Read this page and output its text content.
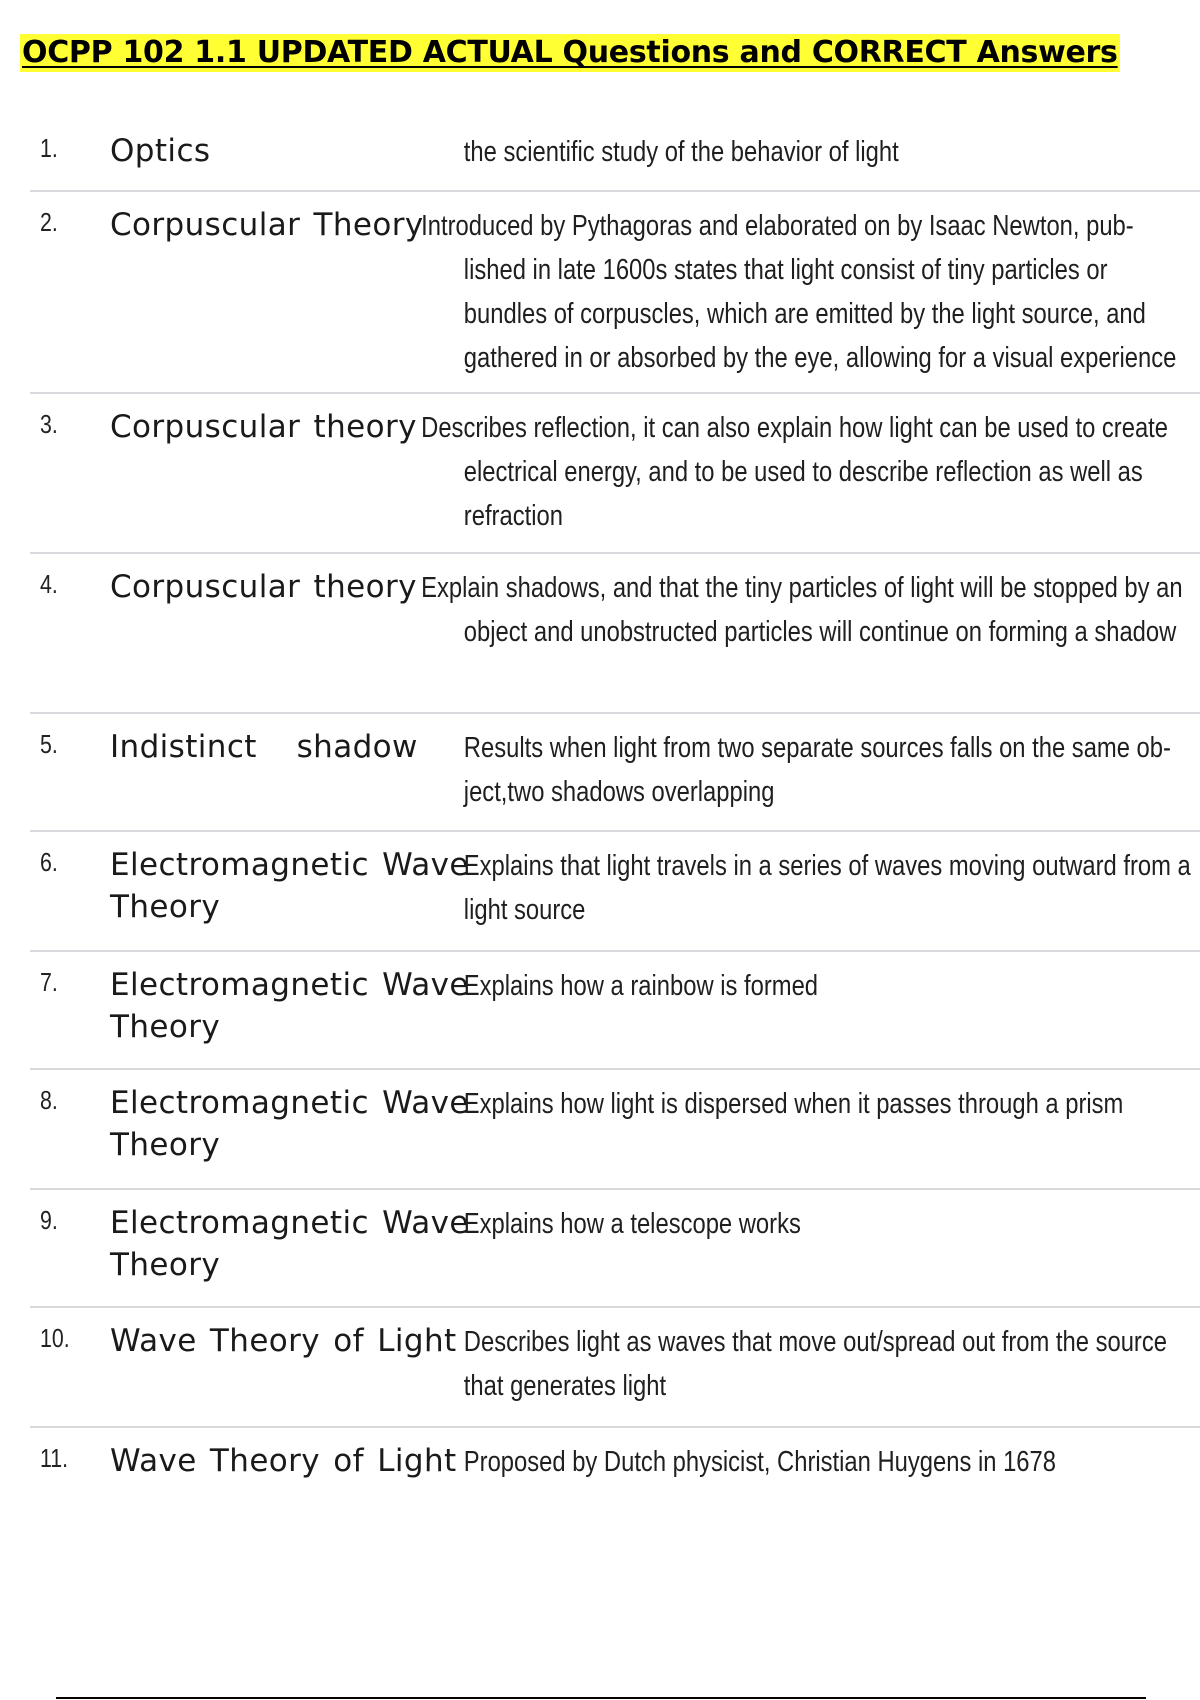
OCPP 102 1.1 UPDATED ACTUAL Questions and CORRECT Answers
1. Optics	the scientific study of the behavior of light

2. Corpuscular Theory

Introduced by Pythagoras and elaborated on by Isaac Newton, pub- lished in late 1600s states that light consist of tiny particles or bundles of corpuscles, which are emitted by the light source, and gathered in or absorbed by the eye, allowing for a visual experience

3. Corpuscular theory Describes reflection, it can also explain how light can be used to create electrical energy, and to be used to describe reflection as well as refraction

4. Corpuscular theory Explain shadows, and that the tiny particles of light will be stopped by an object and unobstructed particles will continue on forming a shadow

5. Indistinct   shadow	Results when light from two separate sources falls on the same ob- ject,two shadows overlapping

6. Electromagnetic Wave Theory

Explains that light travels in a series of waves moving outward from a light source

7. Electromagnetic Wave Theory

Explains how a rainbow is formed

8. Electromagnetic Wave Theory

Explains how light is dispersed when it passes through a prism

9. Electromagnetic Wave Theory

Explains how a telescope works

10. Wave Theory of Light Describes light as waves that move out/spread out from the source that generates light

11. Wave Theory of Light Proposed by Dutch physicist, Christian Huygens in 1678
